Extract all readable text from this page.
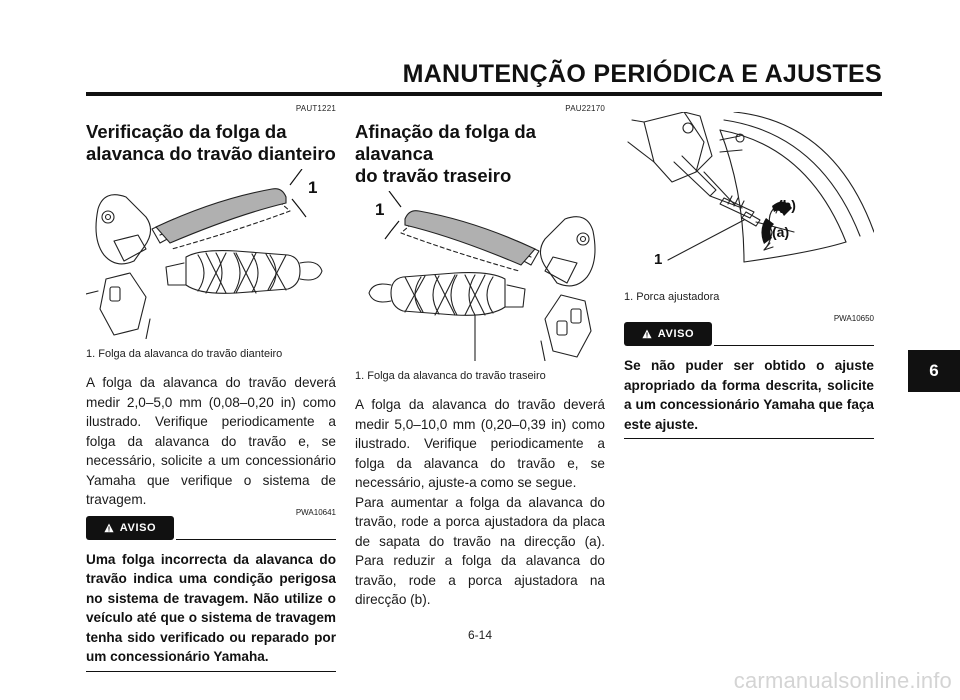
MANUTENÇÃO PERIÓDICA E AJUSTES
PAUT1221
Verificação da folga da
alavanca do travão dianteiro
1
1. Folga da alavanca do travão dianteiro

A folga da alavanca do travão deverá medir 2,0–5,0 mm (0,08–0,20 in) como ilustrado. Verifique periodicamente a folga da alavanca do travão e, se necessário, solicite a um concessionário Yamaha que verifique o sistema de travagem.

PWA10641
AVISO

Uma folga incorrecta da alavanca do travão indica uma condição perigosa no sistema de travagem. Não utilize o veículo até que o sistema de travagem tenha sido verificado ou reparado por um concessionário Yamaha.

PAU22170
Afinação da folga da alavanca
do travão traseiro
1
1. Folga da alavanca do travão traseiro

A folga da alavanca do travão deverá medir 5,0–10,0 mm (0,20–0,39 in) como ilustrado. Verifique periodicamente a folga da alavanca do travão e, se necessário, ajuste-a como se segue.

Para aumentar a folga da alavanca do travão, rode a porca ajustadora da placa de sapata do travão na direcção (a). Para reduzir a folga da alavanca do travão, rode a porca ajustadora na direcção (b).

(b)
(a)
1
1. Porca ajustadora
PWA10650
AVISO

Se não puder ser obtido o ajuste apropriado da forma descrita, solicite a um concessionário Yamaha que faça este ajuste.

6
6-14
carmanualsonline.info
